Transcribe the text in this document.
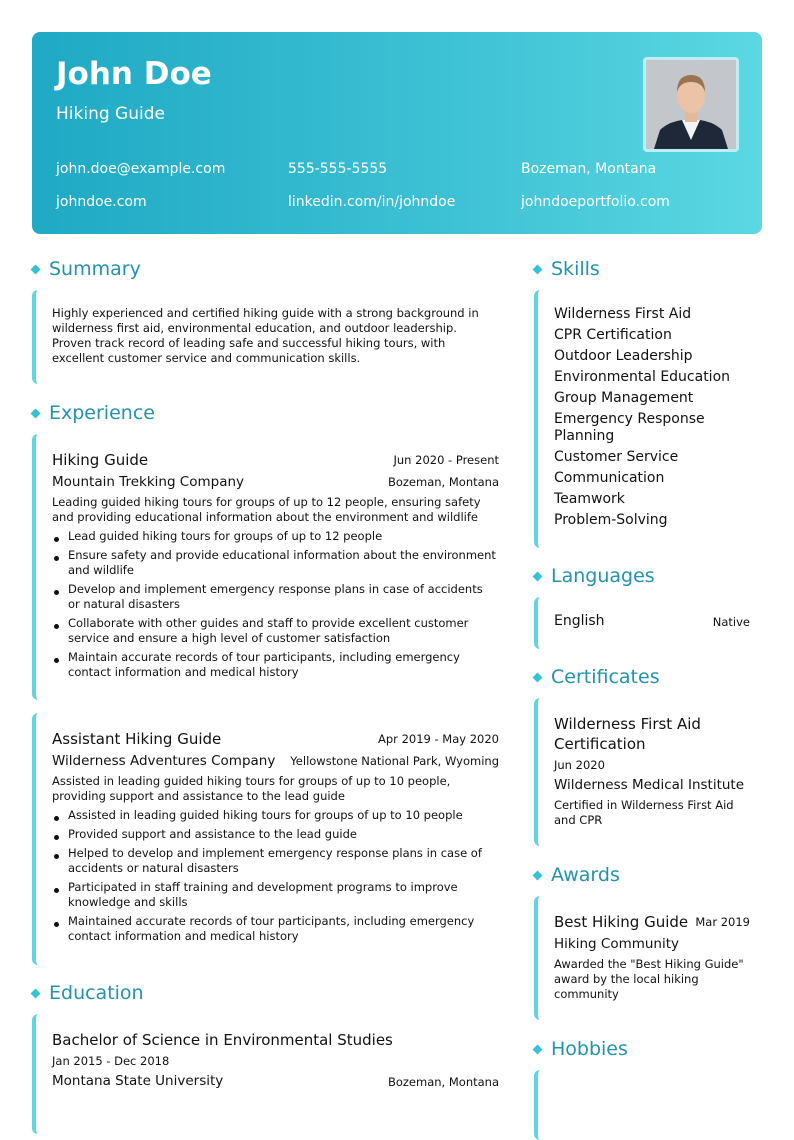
John Doe
Hiking Guide
john.doe@example.com	555-555-5555	Bozeman, Montana
johndoe.com	linkedin.com/in/johndoe	johndoeportfolio.com
Summary
Highly experienced and certified hiking guide with a strong background in wilderness first aid, environmental education, and outdoor leadership. Proven track record of leading safe and successful hiking tours, with excellent customer service and communication skills.
Experience
Hiking Guide	Jun 2020 - Present
Mountain Trekking Company	Bozeman, Montana
Leading guided hiking tours for groups of up to 12 people, ensuring safety and providing educational information about the environment and wildlife
Lead guided hiking tours for groups of up to 12 people
Ensure safety and provide educational information about the environment and wildlife
Develop and implement emergency response plans in case of accidents or natural disasters
Collaborate with other guides and staff to provide excellent customer service and ensure a high level of customer satisfaction
Maintain accurate records of tour participants, including emergency contact information and medical history
Assistant Hiking Guide	Apr 2019 - May 2020
Wilderness Adventures Company Yellowstone National Park, Wyoming
Assisted in leading guided hiking tours for groups of up to 10 people, providing support and assistance to the lead guide
Assisted in leading guided hiking tours for groups of up to 10 people
Provided support and assistance to the lead guide
Helped to develop and implement emergency response plans in case of accidents or natural disasters
Participated in staff training and development programs to improve knowledge and skills
Maintained accurate records of tour participants, including emergency contact information and medical history
Education
Bachelor of Science in Environmental Studies
Jan 2015 - Dec 2018
Montana State University	Bozeman, Montana
Skills
Wilderness First Aid
CPR Certification
Outdoor Leadership
Environmental Education
Group Management
Emergency Response Planning
Customer Service
Communication
Teamwork
Problem-Solving
Languages
English	Native
Certificates
Wilderness First Aid Certification
Jun 2020
Wilderness Medical Institute
Certified in Wilderness First Aid and CPR
Awards
Best Hiking Guide Mar 2019
Hiking Community
Awarded the "Best Hiking Guide" award by the local hiking community
Hobbies
